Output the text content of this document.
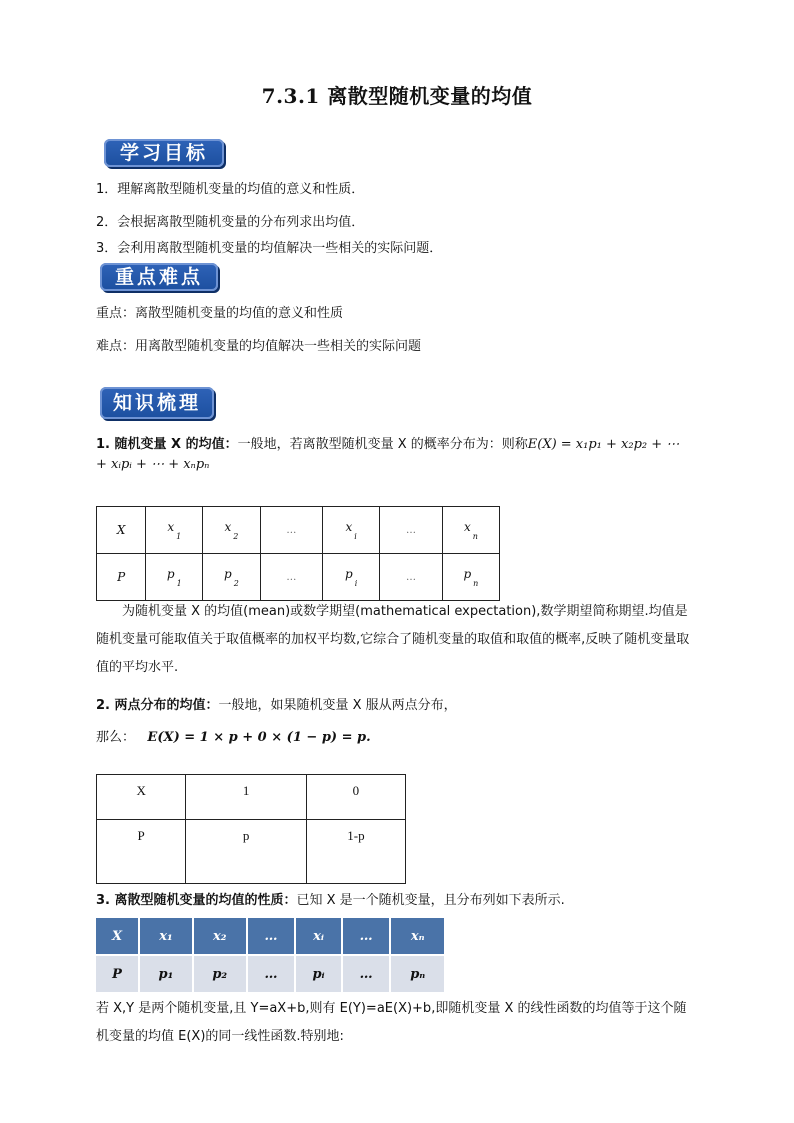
7.3.1 离散型随机变量的均值
学习目标
1．理解离散型随机变量的均值的意义和性质．
2．会根据离散型随机变量的分布列求出均值．
3．会利用离散型随机变量的均值解决一些相关的实际问题．
重点难点
重点：离散型随机变量的均值的意义和性质
难点：用离散型随机变量的均值解决一些相关的实际问题
知识梳理
1. 随机变量 X 的均值：一般地，若离散型随机变量 X 的概率分布为：则称E(X) = x₁p₁ + x₂p₂ + ⋯
+ xᵢpᵢ + ⋯ + xₙpₙ
X	$x_1$	$x_2$	…	$x_i$	…	$x_n$
P	$p_1$	$p_2$	…	$p_i$	…	$p_n$
为随机变量 X 的均值(mean)或数学期望(mathematical expectation),数学期望简称期望.均值是随机变量可能取值关于取值概率的加权平均数,它综合了随机变量的取值和取值的概率,反映了随机变量取值的平均水平.
2. 两点分布的均值：一般地，如果随机变量 X 服从两点分布，
那么： E(X) = 1 × p + 0 × (1 − p) = p.
X	1	0
P	p	1-p
3. 离散型随机变量的均值的性质：已知 X 是一个随机变量，且分布列如下表所示.
X	x₁	x₂	…	xᵢ	…	xₙ
P	p₁	p₂	…	pᵢ	…	pₙ
若 X,Y 是两个随机变量,且 Y=aX+b,则有 E(Y)=aE(X)+b,即随机变量 X 的线性函数的均值等于这个随机变量的均值 E(X)的同一线性函数.特别地:
